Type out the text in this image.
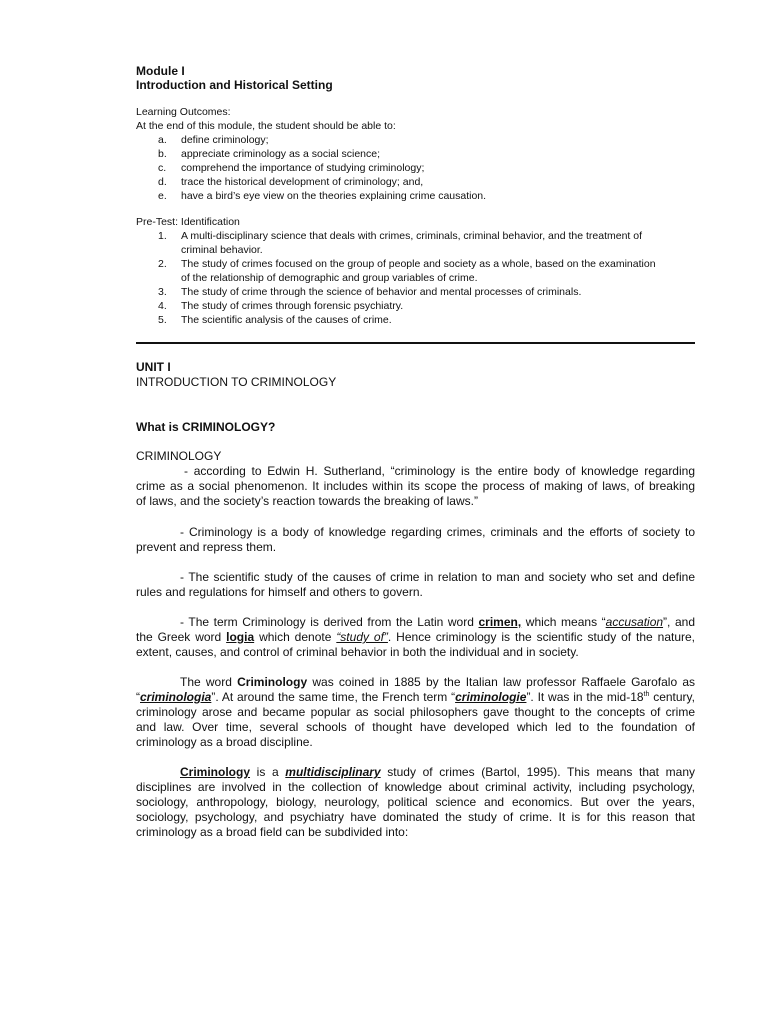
Module I
Introduction and Historical Setting
Learning Outcomes:
At the end of this module, the student should be able to:
a. define criminology;
b. appreciate criminology as a social science;
c. comprehend the importance of studying criminology;
d. trace the historical development of criminology; and,
e. have a bird’s eye view on the theories explaining crime causation.
Pre-Test: Identification
1. A multi-disciplinary science that deals with crimes, criminals, criminal behavior, and the treatment of
criminal behavior.
2. The study of crimes focused on the group of people and society as a whole, based on the examination
of the relationship of demographic and group variables of crime.
3. The study of crime through the science of behavior and mental processes of criminals.
4. The study of crimes through forensic psychiatry.
5. The scientific analysis of the causes of crime.
UNIT I
INTRODUCTION TO CRIMINOLOGY
What is CRIMINOLOGY?
CRIMINOLOGY
- according to Edwin H. Sutherland, “criminology is the entire body of knowledge regarding
crime as a social phenomenon. It includes within its scope the process of making of laws, of breaking
of laws, and the society’s reaction towards the breaking of laws.”
- Criminology is a body of knowledge regarding crimes, criminals and the efforts of society to
prevent and repress them.
- The scientific study of the causes of crime in relation to man and society who set and define
rules and regulations for himself and others to govern.
- The term Criminology is derived from the Latin word crimen, which means “accusation”, and
the Greek word logia which denote “study of”. Hence criminology is the scientific study of the nature,
extent, causes, and control of criminal behavior in both the individual and in society.
The word Criminology was coined in 1885 by the Italian law professor Raffaele Garofalo as
“criminologia”. At around the same time, the French term “criminologie”. It was in the mid-18th century,
criminology arose and became popular as social philosophers gave thought to the concepts of crime
and law. Over time, several schools of thought have developed which led to the foundation of
criminology as a broad discipline.
Criminology is a multidisciplinary study of crimes (Bartol, 1995). This means that many
disciplines are involved in the collection of knowledge about criminal activity, including psychology,
sociology, anthropology, biology, neurology, political science and economics. But over the years,
sociology, psychology, and psychiatry have dominated the study of crime. It is for this reason that
criminology as a broad field can be subdivided into:
